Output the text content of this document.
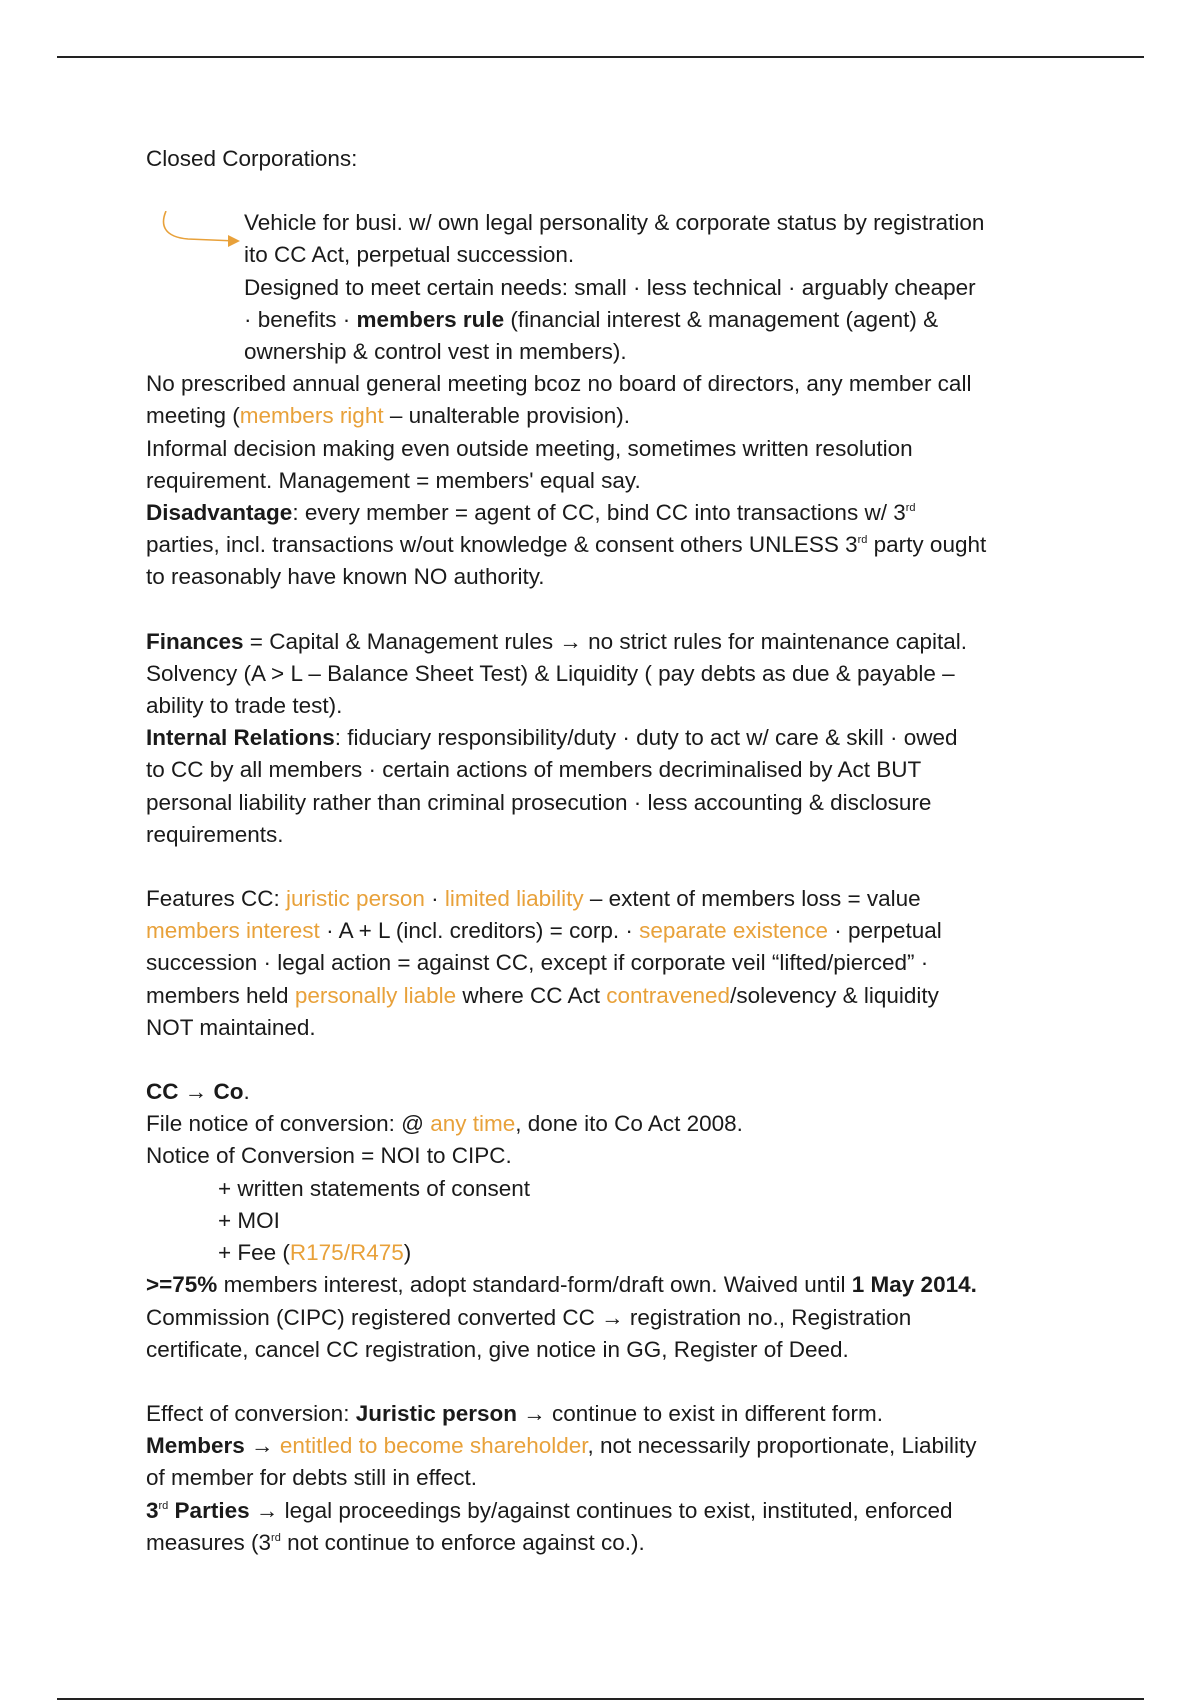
Closed Corporations:

Vehicle for busi. w/ own legal personality & corporate status by registration

ito CC Act, perpetual succession.

Designed to meet certain needs: small · less technical · arguably cheaper

· benefits · members rule (financial interest & management (agent) &

ownership & control vest in members).

No prescribed annual general meeting bcoz no board of directors, any member call

meeting (members right – unalterable provision).

Informal decision making even outside meeting, sometimes written resolution

requirement. Management = members' equal say.

Disadvantage: every member = agent of CC, bind CC into transactions w/ 3rd

parties, incl. transactions w/out knowledge & consent others UNLESS 3rd party ought

to reasonably have known NO authority.

Finances = Capital & Management rules → no strict rules for maintenance capital.

Solvency (A > L – Balance Sheet Test) & Liquidity ( pay debts as due & payable –

ability to trade test).

Internal Relations: fiduciary responsibility/duty · duty to act w/ care & skill · owed

to CC by all members · certain actions of members decriminalised by Act BUT

personal liability rather than criminal prosecution · less accounting & disclosure

requirements.

Features CC: juristic person · limited liability – extent of members loss = value

members interest · A + L (incl. creditors) = corp. · separate existence · perpetual

succession · legal action = against CC, except if corporate veil “lifted/pierced” ·

members held personally liable where CC Act contravened/solevency & liquidity

NOT maintained.

CC → Co.

File notice of conversion: @ any time, done ito Co Act 2008.

Notice of Conversion = NOI to CIPC.

+ written statements of consent

+ MOI

+ Fee (R175/R475)

>=75% members interest, adopt standard-form/draft own. Waived until 1 May 2014.

Commission (CIPC) registered converted CC → registration no., Registration

certificate, cancel CC registration, give notice in GG, Register of Deed.

Effect of conversion: Juristic person → continue to exist in different form.

Members → entitled to become shareholder, not necessarily proportionate, Liability

of member for debts still in effect.

3rd Parties → legal proceedings by/against continues to exist, instituted, enforced

measures (3rd not continue to enforce against co.).
